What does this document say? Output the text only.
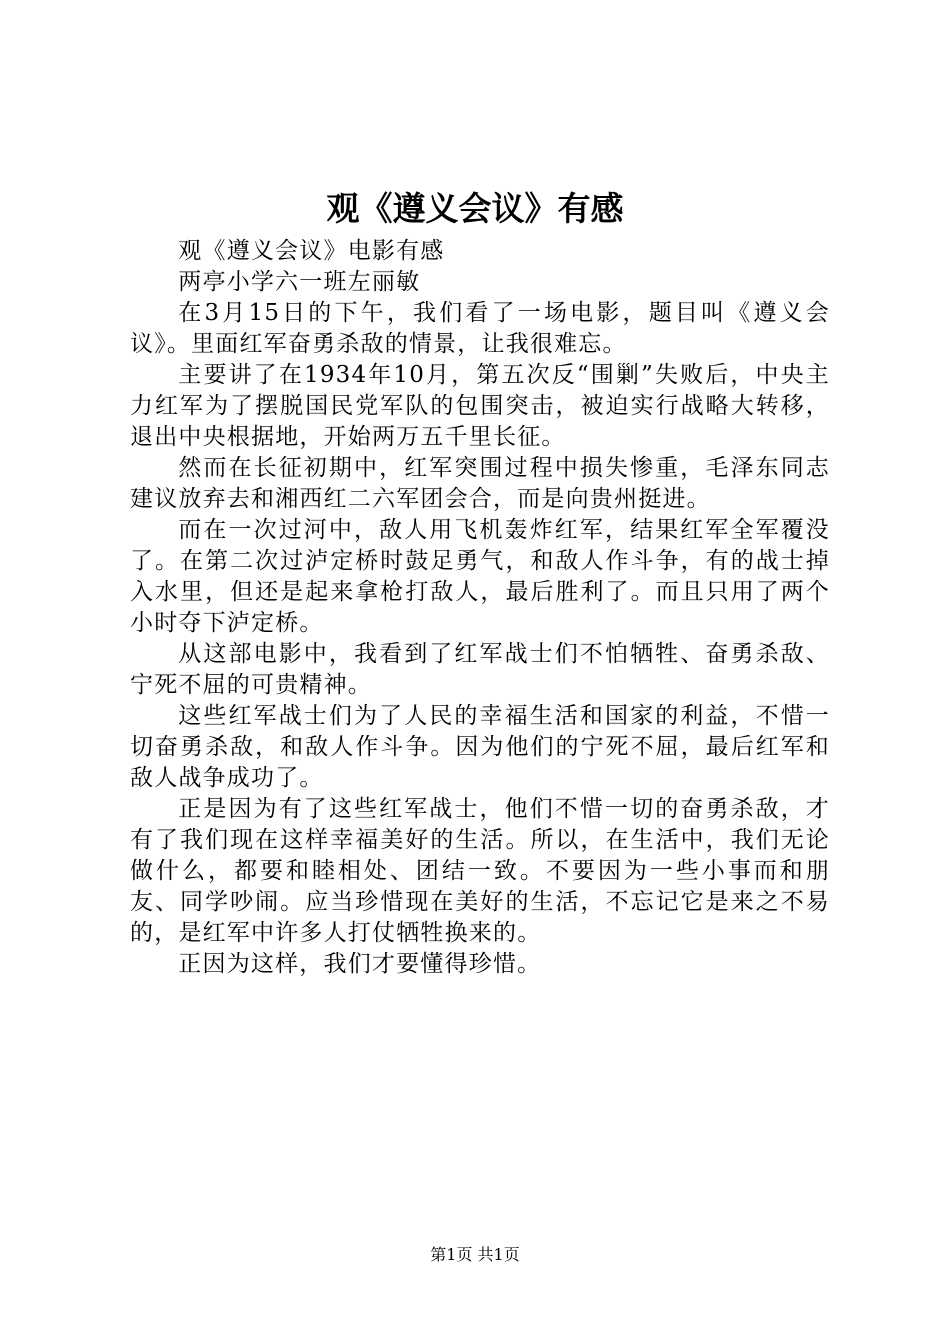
观《遵义会议》有感

观《遵义会议》电影有感

两亭小学六一班左丽敏

在3月15日的下午，我们看了一场电影，题目叫《遵义会议》。里面红军奋勇杀敌的情景，让我很难忘。

主要讲了在1934年10月，第五次反“围剿”失败后，中央主力红军为了摆脱国民党军队的包围突击，被迫实行战略大转移，退出中央根据地，开始两万五千里长征。

然而在长征初期中，红军突围过程中损失惨重，毛泽东同志建议放弃去和湘西红二六军团会合，而是向贵州挺进。

而在一次过河中，敌人用飞机轰炸红军，结果红军全军覆没了。在第二次过泸定桥时鼓足勇气，和敌人作斗争，有的战士掉入水里，但还是起来拿枪打敌人，最后胜利了。而且只用了两个小时夺下泸定桥。

从这部电影中，我看到了红军战士们不怕牺牲、奋勇杀敌、宁死不屈的可贵精神。

这些红军战士们为了人民的幸福生活和国家的利益，不惜一切奋勇杀敌，和敌人作斗争。因为他们的宁死不屈，最后红军和敌人战争成功了。

正是因为有了这些红军战士，他们不惜一切的奋勇杀敌，才有了我们现在这样幸福美好的生活。所以，在生活中，我们无论做什么，都要和睦相处、团结一致。不要因为一些小事而和朋友、同学吵闹。应当珍惜现在美好的生活，不忘记它是来之不易的，是红军中许多人打仗牺牲换来的。

正因为这样，我们才要懂得珍惜。

第1页 共1页
